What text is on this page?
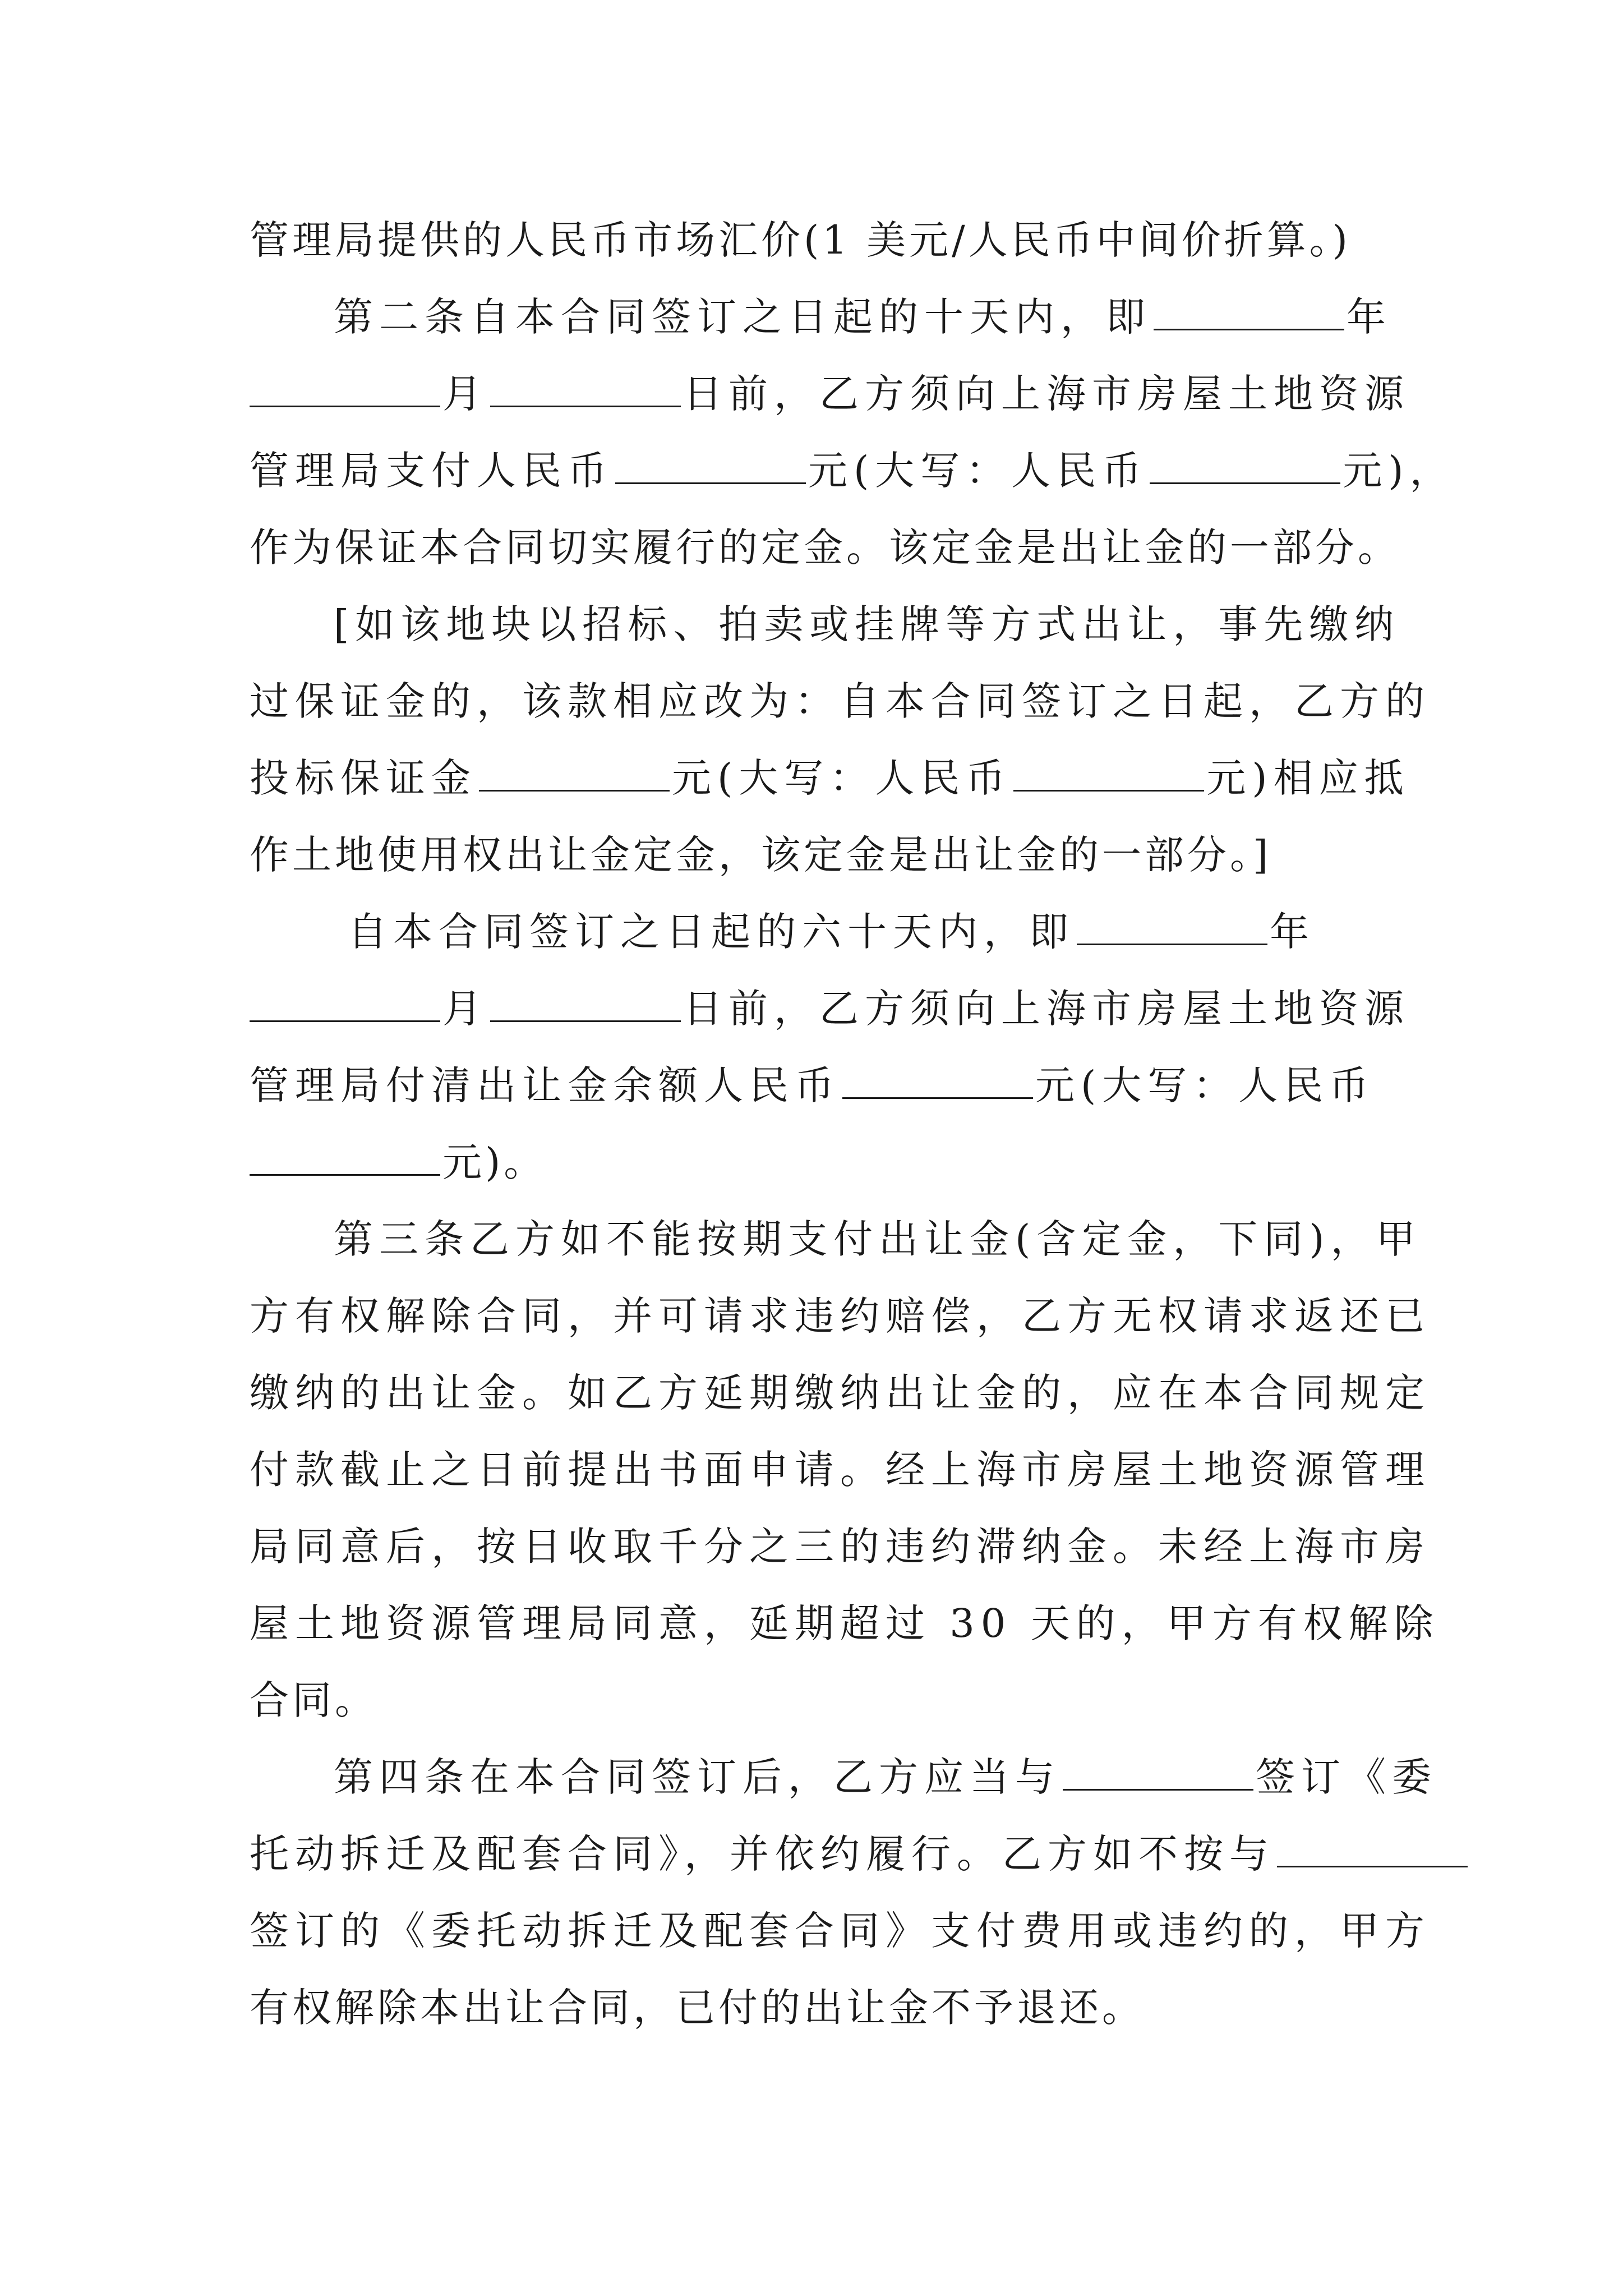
管理局提供的人民币市场汇价(1 美元/人民币中间价折算。)
第二条自本合同签订之日起的十天内，即	年
月	日前，乙方须向上海市房屋土地资源
管理局支付人民币	元(大写：人民币	元)，
作为保证本合同切实履行的定金。该定金是出让金的一部分。
[如该地块以招标、拍卖或挂牌等方式出让，事先缴纳
过保证金的，该款相应改为：自本合同签订之日起，乙方的
投标保证金	元(大写：人民币	元)相应抵
作土地使用权出让金定金，该定金是出让金的一部分。]
自本合同签订之日起的六十天内，即	年
月	日前，乙方须向上海市房屋土地资源
管理局付清出让金余额人民币	元(大写：人民币
元)。
第三条乙方如不能按期支付出让金(含定金，下同)，甲
方有权解除合同，并可请求违约赔偿，乙方无权请求返还已
缴纳的出让金。如乙方延期缴纳出让金的，应在本合同规定
付款截止之日前提出书面申请。经上海市房屋土地资源管理
局同意后，按日收取千分之三的违约滞纳金。未经上海市房
屋土地资源管理局同意，延期超过 30 天的，甲方有权解除
合同。
第四条在本合同签订后，乙方应当与	签订《委
托动拆迁及配套合同》，并依约履行。乙方如不按与
签订的《委托动拆迁及配套合同》支付费用或违约的，甲方
有权解除本出让合同，已付的出让金不予退还。
